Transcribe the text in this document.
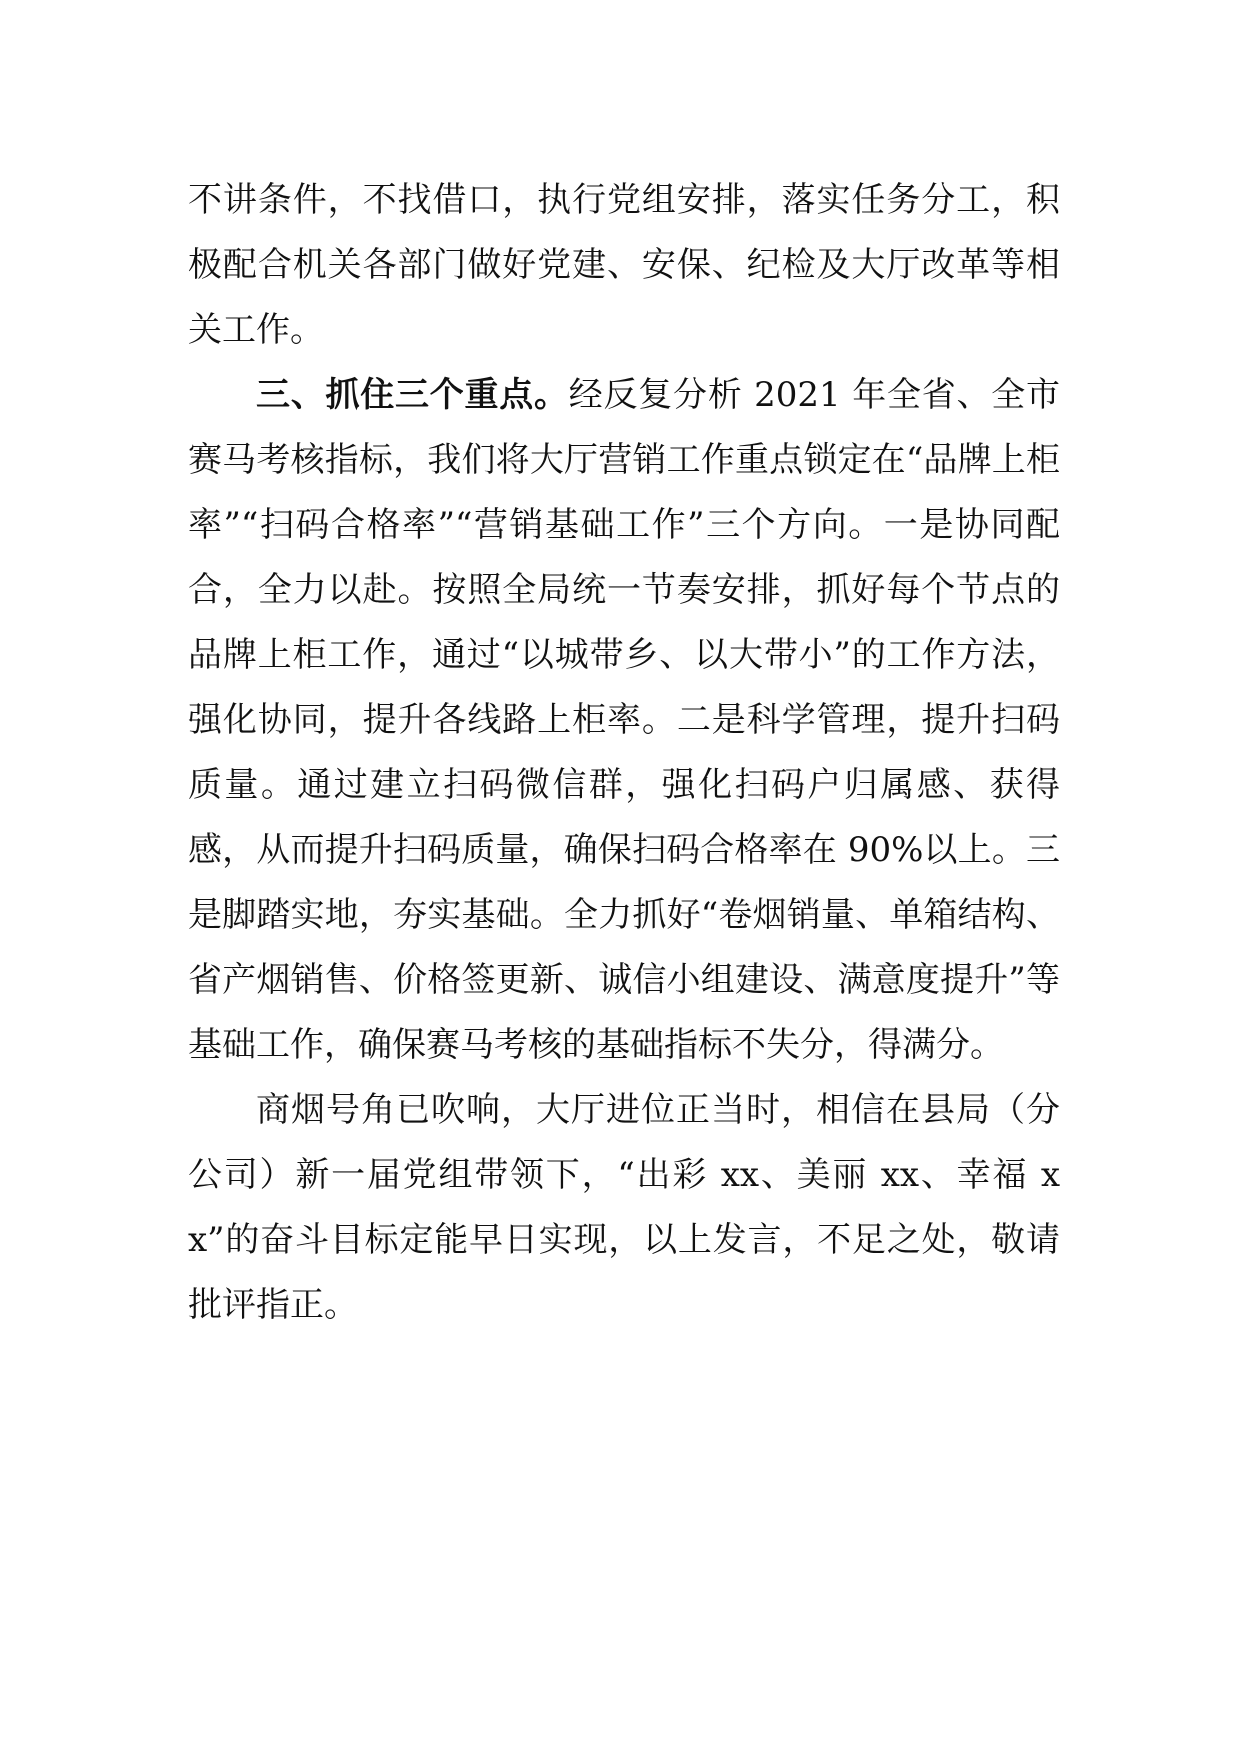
不讲条件，不找借口，执行党组安排，落实任务分工，积极配合机关各部门做好党建、安保、纪检及大厅改革等相关工作。

三、抓住三个重点。经反复分析 2021 年全省、全市赛马考核指标，我们将大厅营销工作重点锁定在“品牌上柜率”“扫码合格率”“营销基础工作”三个方向。一是协同配合，全力以赴。按照全局统一节奏安排，抓好每个节点的品牌上柜工作，通过“以城带乡、以大带小”的工作方法，强化协同，提升各线路上柜率。二是科学管理，提升扫码质量。通过建立扫码微信群，强化扫码户归属感、获得感，从而提升扫码质量，确保扫码合格率在 90%以上。三是脚踏实地，夯实基础。全力抓好“卷烟销量、单箱结构、省产烟销售、价格签更新、诚信小组建设、满意度提升”等基础工作，确保赛马考核的基础指标不失分，得满分。

商烟号角已吹响，大厅进位正当时，相信在县局（分公司）新一届党组带领下，“出彩 xx、美丽 xx、幸福 xx”的奋斗目标定能早日实现，以上发言，不足之处，敬请批评指正。
